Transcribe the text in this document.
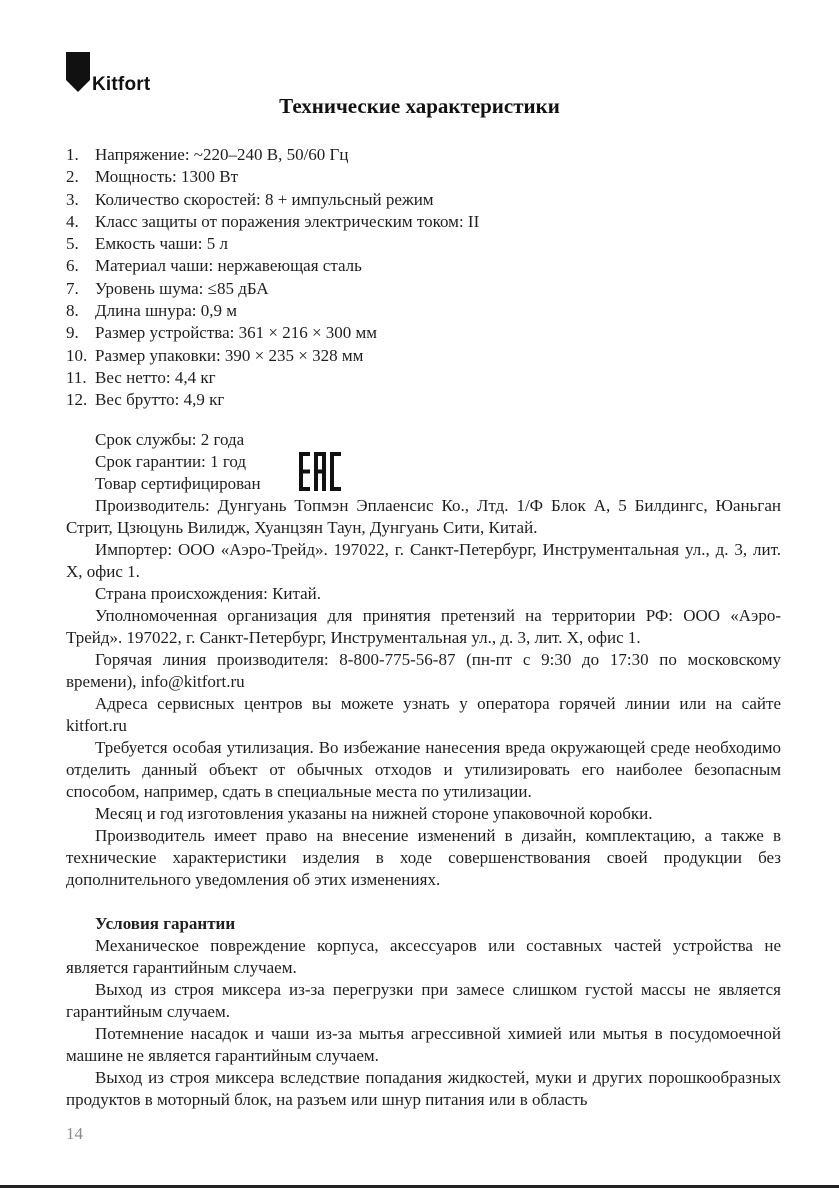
Kitfort
Технические характеристики
1. Напряжение: ~220–240 В, 50/60 Гц
2. Мощность: 1300 Вт
3. Количество скоростей: 8 + импульсный режим
4. Класс защиты от поражения электрическим током: II
5. Емкость чаши: 5 л
6. Материал чаши: нержавеющая сталь
7. Уровень шума: ≤85 дБА
8. Длина шнура: 0,9 м
9. Размер устройства: 361 × 216 × 300 мм
10. Размер упаковки: 390 × 235 × 328 мм
11. Вес нетто: 4,4 кг
12. Вес брутто: 4,9 кг
Срок службы: 2 года
Срок гарантии: 1 год
Товар сертифицирован

Производитель: Дунгуань Топмэн Эплаенсис Ко., Лтд. 1/Ф Блок А, 5 Билдингс, Юаньган Стрит, Цзюцунь Вилидж, Хуанцзян Таун, Дунгуань Сити, Китай.

Импортер: ООО «Аэро-Трейд». 197022, г. Санкт-Петербург, Инструментальная ул., д. 3, лит. Х, офис 1.

Страна происхождения: Китай.

Уполномоченная организация для принятия претензий на территории РФ: ООО «Аэро-Трейд». 197022, г. Санкт-Петербург, Инструментальная ул., д. 3, лит. Х, офис 1.

Горячая линия производителя: 8-800-775-56-87 (пн-пт с 9:30 до 17:30 по московскому времени), info@kitfort.ru

Адреса сервисных центров вы можете узнать у оператора горячей линии или на сайте kitfort.ru

Требуется особая утилизация. Во избежание нанесения вреда окружающей среде необходимо отделить данный объект от обычных отходов и утилизировать его наиболее безопасным способом, например, сдать в специальные места по утилизации.

Месяц и год изготовления указаны на нижней стороне упаковочной коробки.

Производитель имеет право на внесение изменений в дизайн, комплектацию, а также в технические характеристики изделия в ходе совершенствования своей продукции без дополнительного уведомления об этих изменениях.

Условия гарантии

Механическое повреждение корпуса, аксессуаров или составных частей устройства не является гарантийным случаем.

Выход из строя миксера из-за перегрузки при замесе слишком густой массы не является гарантийным случаем.

Потемнение насадок и чаши из-за мытья агрессивной химией или мытья в посудомоечной машине не является гарантийным случаем.

Выход из строя миксера вследствие попадания жидкостей, муки и других порошкообразных продуктов в моторный блок, на разъем или шнур питания или в область

14
